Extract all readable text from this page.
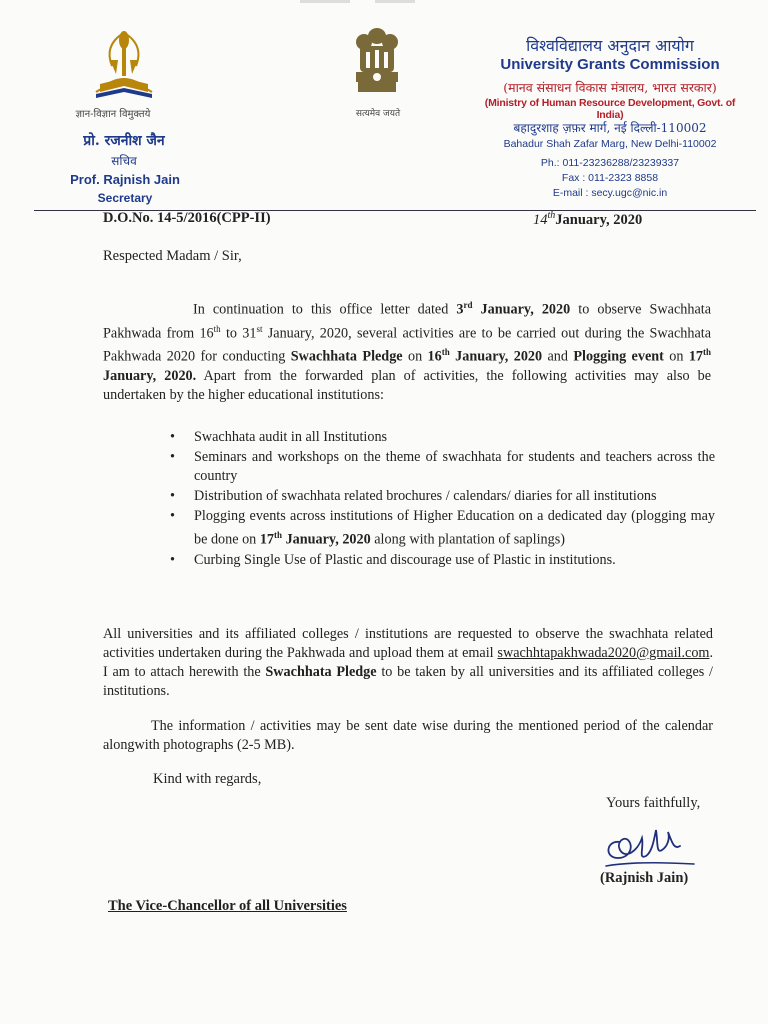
ज्ञान-विज्ञान विमुक्तये
प्रो. रजनीश जैन
सचिव
Prof. Rajnish Jain
Secretary
सत्यमेव जयते
विश्वविद्यालय अनुदान आयोग
University Grants Commission
(मानव संसाधन विकास मंत्रालय, भारत सरकार)
(Ministry of Human Resource Development, Govt. of India)
बहादुरशाह ज़फ़र मार्ग, नई दिल्ली-110002
Bahadur Shah Zafar Marg, New Delhi-110002
Ph.: 011-23236288/23239337
Fax : 011-2323 8858
E-mail : secy.ugc@nic.in
D.O.No. 14-5/2016(CPP-II)	14thJanuary, 2020
Respected Madam / Sir,
In continuation to this office letter dated 3rd January, 2020 to observe Swachhata Pakhwada from 16th to 31st January, 2020, several activities are to be carried out during the Swachhata Pakhwada 2020 for conducting Swachhata Pledge on 16th January, 2020 and Plogging event on 17th January, 2020. Apart from the forwarded plan of activities, the following activities may also be undertaken by the higher educational institutions:
• Swachhata audit in all Institutions
• Seminars and workshops on the theme of swachhata for students and teachers across the country
• Distribution of swachhata related brochures / calendars/ diaries for all institutions
• Plogging events across institutions of Higher Education on a dedicated day (plogging may be done on 17th January, 2020 along with plantation of saplings)
• Curbing Single Use of Plastic and discourage use of Plastic in institutions.
All universities and its affiliated colleges / institutions are requested to observe the swachhata related activities undertaken during the Pakhwada and upload them at email swachhtapakhwada2020@gmail.com. I am to attach herewith the Swachhata Pledge to be taken by all universities and its affiliated colleges / institutions.
The information / activities may be sent date wise during the mentioned period of the calendar alongwith photographs (2-5 MB).
Kind with regards,
Yours faithfully,
(Rajnish Jain)
The Vice-Chancellor of all Universities
